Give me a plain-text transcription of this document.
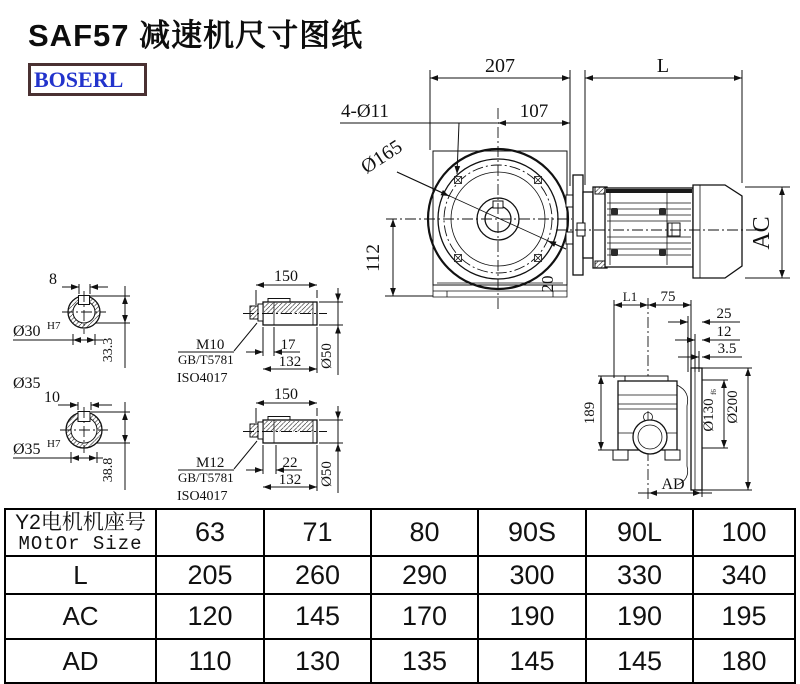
SAF57 减速机尺寸图纸
BOSERL
20
207	L
107
4-Ø11
Ø165
112
AC
8
Ø30 H7
33.3
Ø35
10
Ø35 H7
38.8
150
17
132 Ø50
M10
GB/T5781
ISO4017
150
22
132 Ø50
M12
GB/T5781
ISO4017
L1 75
25
12
3.5
189	Ø130
f6 Ø200
AD
Y2电机机座号
MOtOr Size	63	71	80	90S	90L	100
L	205	260	290	300	330	340
AC	120	145	170	190	190	195
AD	110	130	135	145	145	180
